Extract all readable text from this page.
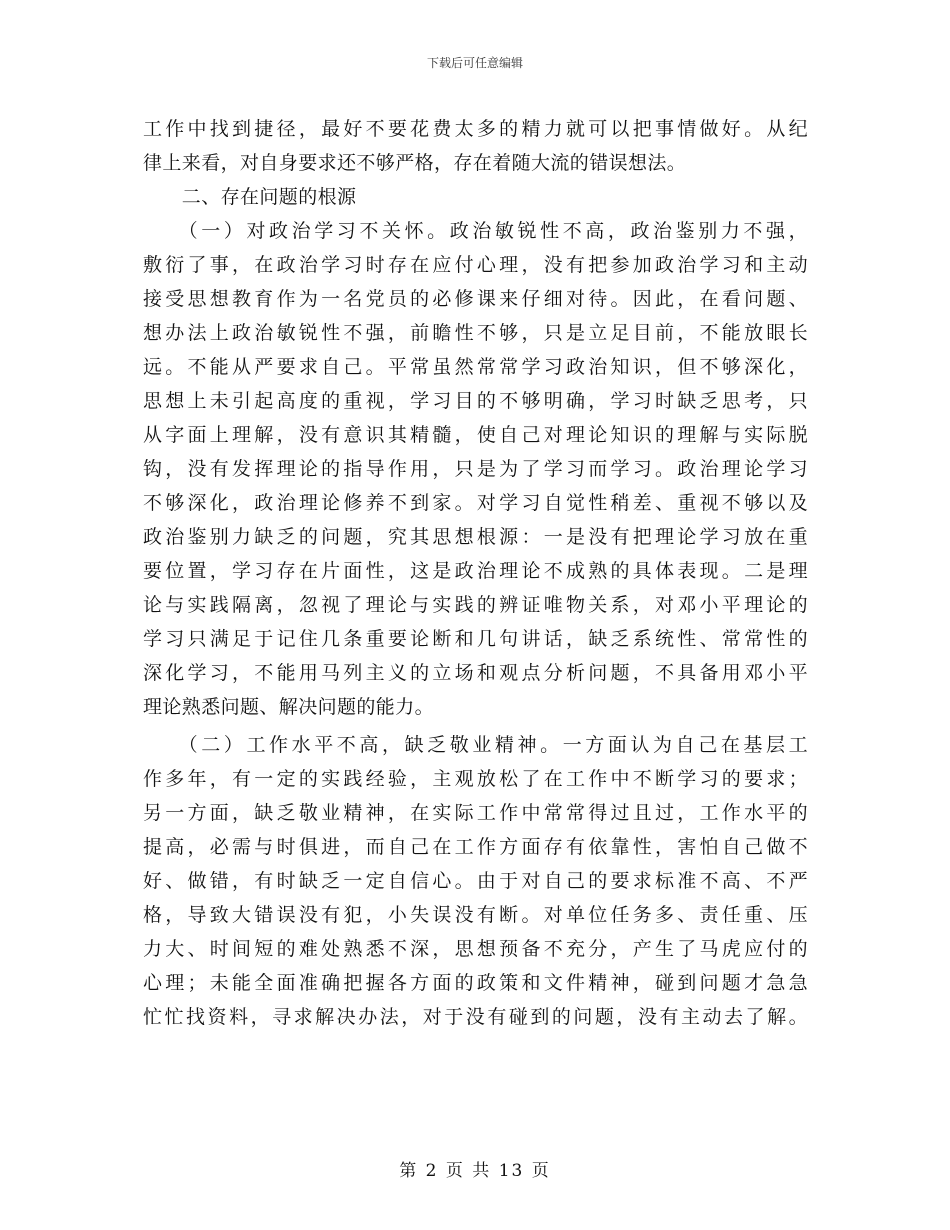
下载后可任意编辑
工作中找到捷径，最好不要花费太多的精力就可以把事情做好。从纪
律上来看，对自身要求还不够严格，存在着随大流的错误想法。
　　二、存在问题的根源
　　（一）对政治学习不关怀。政治敏锐性不高，政治鉴别力不强，
敷衍了事，在政治学习时存在应付心理，没有把参加政治学习和主动
接受思想教育作为一名党员的必修课来仔细对待。因此，在看问题、
想办法上政治敏锐性不强，前瞻性不够，只是立足目前，不能放眼长
远。不能从严要求自己。平常虽然常常学习政治知识，但不够深化，
思想上未引起高度的重视，学习目的不够明确，学习时缺乏思考，只
从字面上理解，没有意识其精髓，使自己对理论知识的理解与实际脱
钩，没有发挥理论的指导作用，只是为了学习而学习。政治理论学习
不够深化，政治理论修养不到家。对学习自觉性稍差、重视不够以及
政治鉴别力缺乏的问题，究其思想根源：一是没有把理论学习放在重
要位置，学习存在片面性，这是政治理论不成熟的具体表现。二是理
论与实践隔离，忽视了理论与实践的辨证唯物关系，对邓小平理论的
学习只满足于记住几条重要论断和几句讲话，缺乏系统性、常常性的
深化学习，不能用马列主义的立场和观点分析问题，不具备用邓小平
理论熟悉问题、解决问题的能力。
　　（二）工作水平不高，缺乏敬业精神。一方面认为自己在基层工
作多年，有一定的实践经验，主观放松了在工作中不断学习的要求；
另一方面，缺乏敬业精神，在实际工作中常常得过且过，工作水平的
提高，必需与时俱进，而自己在工作方面存有依靠性，害怕自己做不
好、做错，有时缺乏一定自信心。由于对自己的要求标准不高、不严
格，导致大错误没有犯，小失误没有断。对单位任务多、责任重、压
力大、时间短的难处熟悉不深，思想预备不充分，产生了马虎应付的
心理；未能全面准确把握各方面的政策和文件精神，碰到问题才急急
忙忙找资料，寻求解决办法，对于没有碰到的问题，没有主动去了解。
第 2 页 共 13 页
